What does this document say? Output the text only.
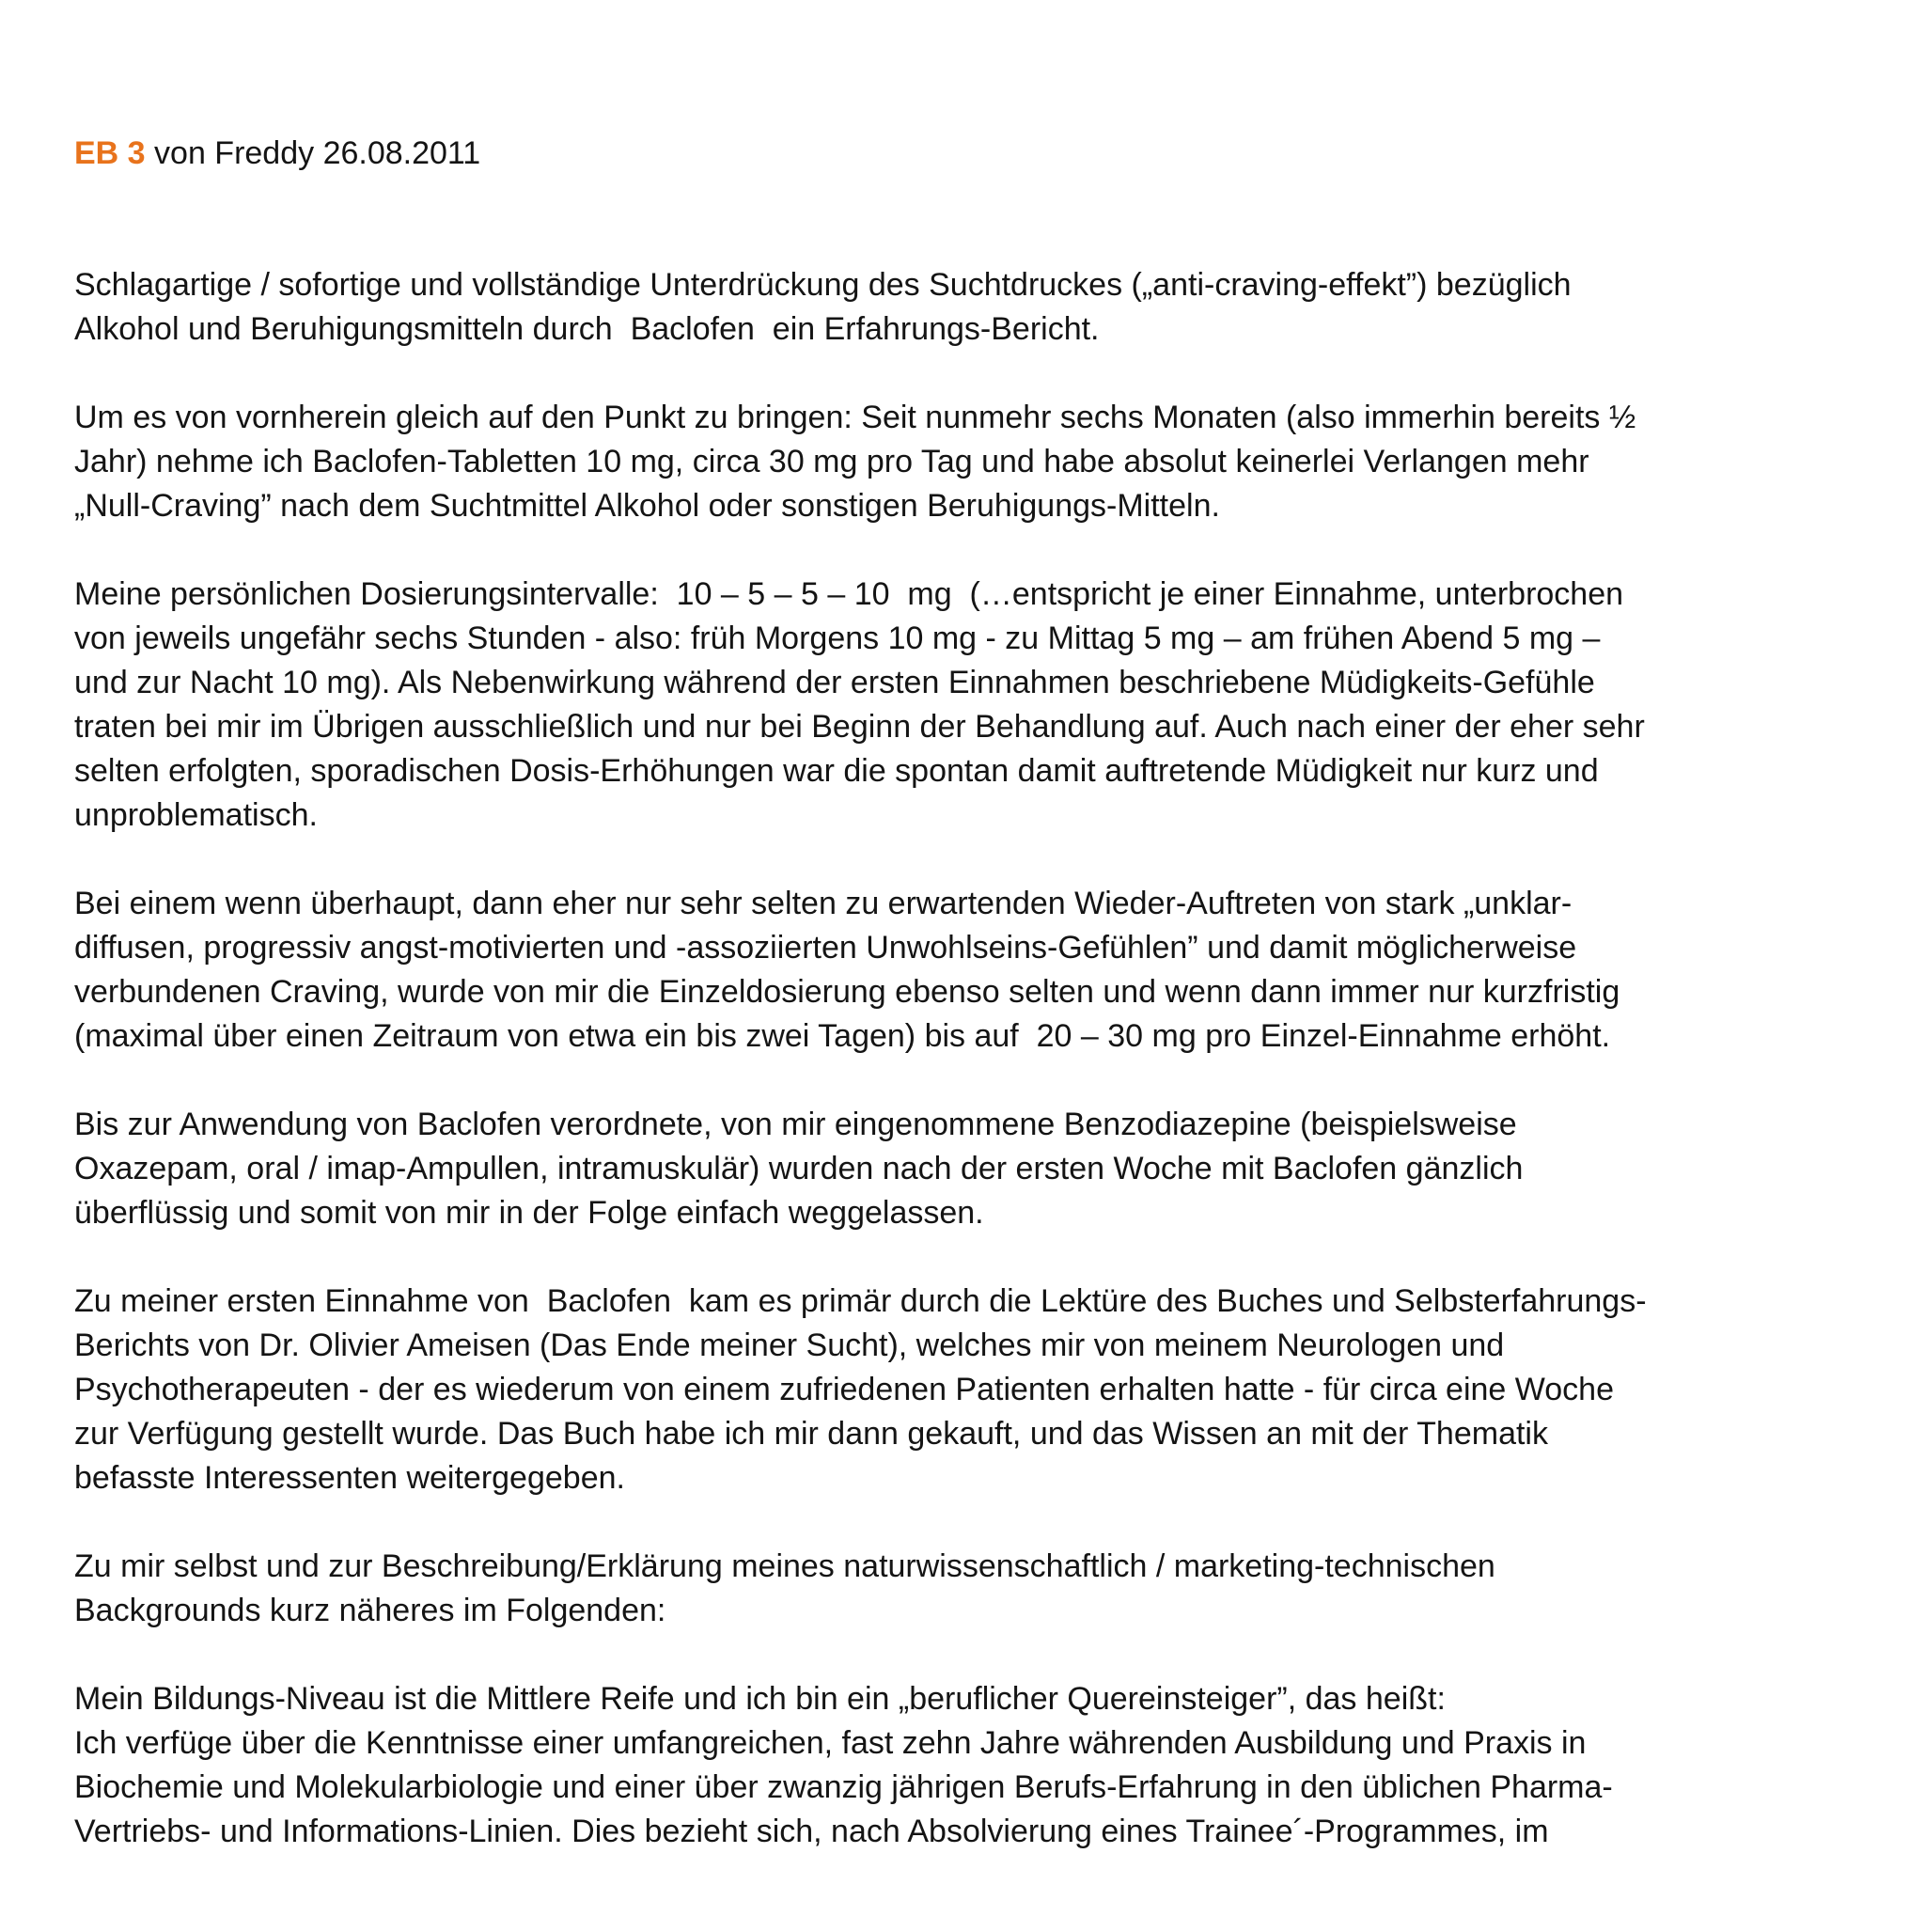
EB 3 von Freddy 26.08.2011

Schlagartige / sofortige und vollständige Unterdrückung des Suchtdruckes („anti-craving-effekt”) bezüglich
Alkohol und Beruhigungsmitteln durch  Baclofen  ein Erfahrungs-Bericht.

Um es von vornherein gleich auf den Punkt zu bringen: Seit nunmehr sechs Monaten (also immerhin bereits ½
Jahr) nehme ich Baclofen-Tabletten 10 mg, circa 30 mg pro Tag und habe absolut keinerlei Verlangen mehr
„Null-Craving” nach dem Suchtmittel Alkohol oder sonstigen Beruhigungs-Mitteln.

Meine persönlichen Dosierungsintervalle:  10 – 5 – 5 – 10  mg  (…entspricht je einer Einnahme, unterbrochen
von jeweils ungefähr sechs Stunden - also: früh Morgens 10 mg - zu Mittag 5 mg – am frühen Abend 5 mg –
und zur Nacht 10 mg). Als Nebenwirkung während der ersten Einnahmen beschriebene Müdigkeits-Gefühle
traten bei mir im Übrigen ausschließlich und nur bei Beginn der Behandlung auf. Auch nach einer der eher sehr
selten erfolgten, sporadischen Dosis-Erhöhungen war die spontan damit auftretende Müdigkeit nur kurz und
unproblematisch.

Bei einem wenn überhaupt, dann eher nur sehr selten zu erwartenden Wieder-Auftreten von stark „unklar-
diffusen, progressiv angst-motivierten und -assoziierten Unwohlseins-Gefühlen” und damit möglicherweise
verbundenen Craving, wurde von mir die Einzeldosierung ebenso selten und wenn dann immer nur kurzfristig
(maximal über einen Zeitraum von etwa ein bis zwei Tagen) bis auf  20 – 30 mg pro Einzel-Einnahme erhöht.

Bis zur Anwendung von Baclofen verordnete, von mir eingenommene Benzodiazepine (beispielsweise
Oxazepam, oral / imap-Ampullen, intramuskulär) wurden nach der ersten Woche mit Baclofen gänzlich
überflüssig und somit von mir in der Folge einfach weggelassen.

Zu meiner ersten Einnahme von  Baclofen  kam es primär durch die Lektüre des Buches und Selbsterfahrungs-
Berichts von Dr. Olivier Ameisen (Das Ende meiner Sucht), welches mir von meinem Neurologen und
Psychotherapeuten - der es wiederum von einem zufriedenen Patienten erhalten hatte - für circa eine Woche
zur Verfügung gestellt wurde. Das Buch habe ich mir dann gekauft, und das Wissen an mit der Thematik
befasste Interessenten weitergegeben.

Zu mir selbst und zur Beschreibung/Erklärung meines naturwissenschaftlich / marketing-technischen
Backgrounds kurz näheres im Folgenden:

Mein Bildungs-Niveau ist die Mittlere Reife und ich bin ein „beruflicher Quereinsteiger”, das heißt:
Ich verfüge über die Kenntnisse einer umfangreichen, fast zehn Jahre währenden Ausbildung und Praxis in
Biochemie und Molekularbiologie und einer über zwanzig jährigen Berufs-Erfahrung in den üblichen Pharma-
Vertriebs- und Informations-Linien. Dies bezieht sich, nach Absolvierung eines Trainee´-Programmes, im
